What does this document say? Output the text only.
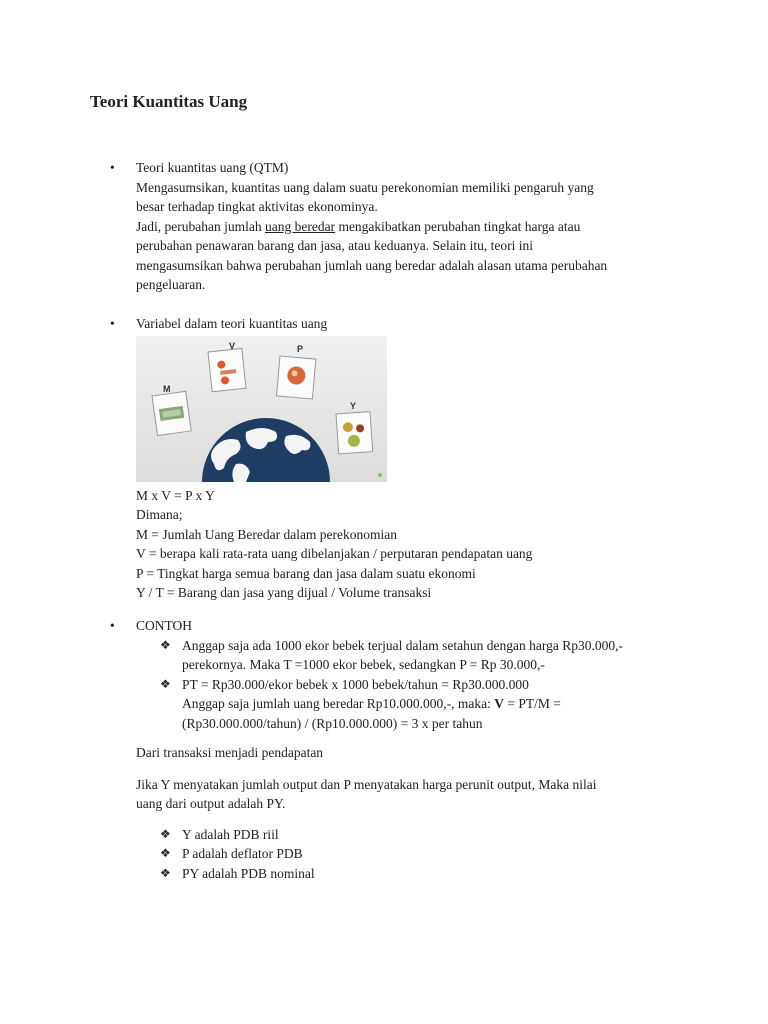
Teori Kuantitas Uang
•	Teori kuantitas uang (QTM)

Mengasumsikan, kuantitas uang dalam suatu perekonomian memiliki pengaruh yang

besar terhadap tingkat aktivitas ekonominya.

Jadi, perubahan jumlah uang beredar mengakibatkan perubahan tingkat harga atau

perubahan penawaran barang dan jasa, atau keduanya. Selain itu, teori ini

mengasumsikan bahwa perubahan jumlah uang beredar adalah alasan utama perubahan

pengeluaran.

•	Variabel dalam teori kuantitas uang

V	P
M
Y

M x V = P x Y

Dimana;

M = Jumlah Uang Beredar dalam perekonomian

V = berapa kali rata-rata uang dibelanjakan / perputaran pendapatan uang

P = Tingkat harga semua barang dan jasa dalam suatu ekonomi

Y / T = Barang dan jasa yang dijual / Volume transaksi

•	CONTOH

❖ Anggap saja ada 1000 ekor bebek terjual dalam setahun dengan harga Rp30.000,-

perekornya. Maka T =1000 ekor bebek, sedangkan P = Rp 30.000,-

❖ PT = Rp30.000/ekor bebek x 1000 bebek/tahun = Rp30.000.000

Anggap saja jumlah uang beredar Rp10.000.000,-, maka: V = PT/M =

(Rp30.000.000/tahun) / (Rp10.000.000) = 3 x per tahun

Dari transaksi menjadi pendapatan

Jika Y menyatakan jumlah output dan P menyatakan harga perunit output, Maka nilai

uang dari output adalah PY.

❖ Y adalah PDB riil

❖ P adalah deflator PDB

❖ PY adalah PDB nominal
